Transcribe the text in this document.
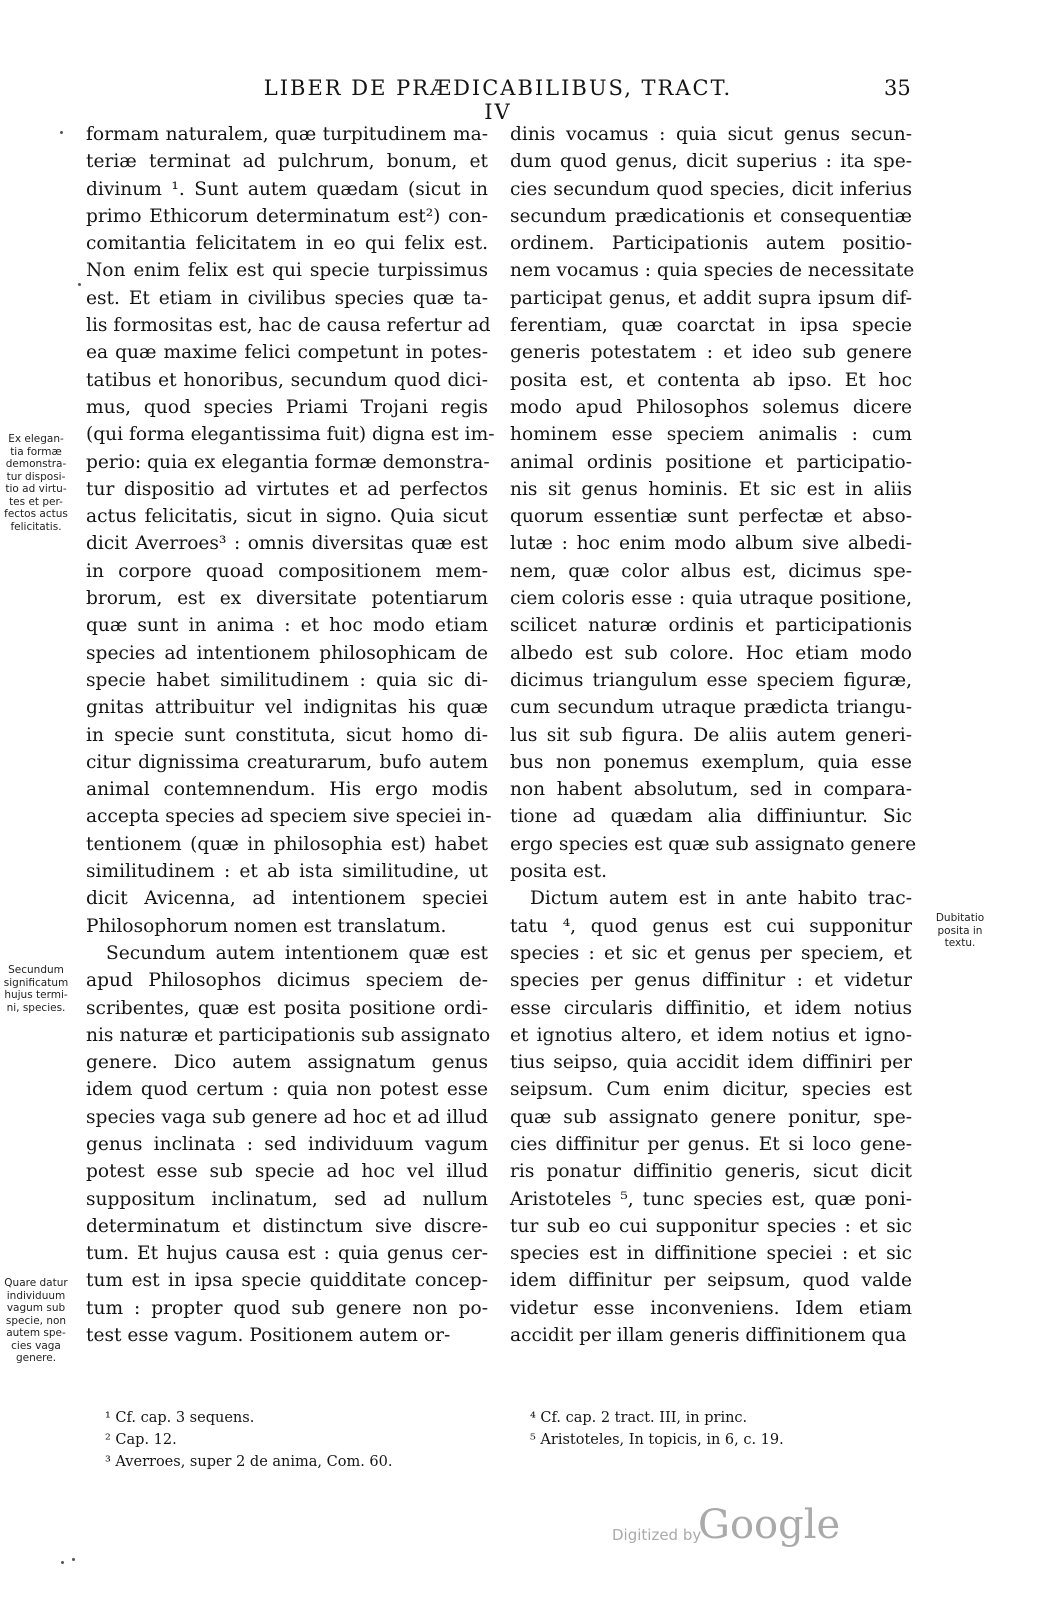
LIBER DE PRÆDICABILIBUS, TRACT. IV
35
formam naturalem, quæ turpitudinem ma-
teriæ terminat ad pulchrum, bonum, et
divinum ¹. Sunt autem quædam (sicut in
primo Ethicorum determinatum est²) con-
comitantia felicitatem in eo qui felix est.
Non enim felix est qui specie turpissimus
est. Et etiam in civilibus species quæ ta-
lis formositas est, hac de causa refertur ad
ea quæ maxime felici competunt in potes-
tatibus et honoribus, secundum quod dici-
mus, quod species Priami Trojani regis
(qui forma elegantissima fuit) digna est im-
perio: quia ex elegantia formæ demonstra-
tur dispositio ad virtutes et ad perfectos
actus felicitatis, sicut in signo. Quia sicut
dicit Averroes³ : omnis diversitas quæ est
in corpore quoad compositionem mem-
brorum, est ex diversitate potentiarum
quæ sunt in anima : et hoc modo etiam
species ad intentionem philosophicam de
specie habet similitudinem : quia sic di-
gnitas attribuitur vel indignitas his quæ
in specie sunt constituta, sicut homo di-
citur dignissima creaturarum, bufo autem
animal contemnendum. His ergo modis
accepta species ad speciem sive speciei in-
tentionem (quæ in philosophia est) habet
similitudinem : et ab ista similitudine, ut
dicit Avicenna, ad intentionem speciei
Philosophorum nomen est translatum.
Secundum autem intentionem quæ est
apud Philosophos dicimus speciem de-
scribentes, quæ est posita positione ordi-
nis naturæ et participationis sub assignato
genere. Dico autem assignatum genus
idem quod certum : quia non potest esse
species vaga sub genere ad hoc et ad illud
genus inclinata : sed individuum vagum
potest esse sub specie ad hoc vel illud
suppositum inclinatum, sed ad nullum
determinatum et distinctum sive discre-
tum. Et hujus causa est : quia genus cer-
tum est in ipsa specie quidditate concep-
tum : propter quod sub genere non po-
test esse vagum. Positionem autem or-
dinis vocamus : quia sicut genus secun-
dum quod genus, dicit superius : ita spe-
cies secundum quod species, dicit inferius
secundum prædicationis et consequentiæ
ordinem. Participationis autem positio-
nem vocamus : quia species de necessitate
participat genus, et addit supra ipsum dif-
ferentiam, quæ coarctat in ipsa specie
generis potestatem : et ideo sub genere
posita est, et contenta ab ipso. Et hoc
modo apud Philosophos solemus dicere
hominem esse speciem animalis : cum
animal ordinis positione et participatio-
nis sit genus hominis. Et sic est in aliis
quorum essentiæ sunt perfectæ et abso-
lutæ : hoc enim modo album sive albedi-
nem, quæ color albus est, dicimus spe-
ciem coloris esse : quia utraque positione,
scilicet naturæ ordinis et participationis
albedo est sub colore. Hoc etiam modo
dicimus triangulum esse speciem figuræ,
cum secundum utraque prædicta triangu-
lus sit sub figura. De aliis autem generi-
bus non ponemus exemplum, quia esse
non habent absolutum, sed in compara-
tione ad quædam alia diffiniuntur. Sic
ergo species est quæ sub assignato genere
posita est.
Dictum autem est in ante habito trac-
tatu ⁴, quod genus est cui supponitur
species : et sic et genus per speciem, et
species per genus diffinitur : et videtur
esse circularis diffinitio, et idem notius
et ignotius altero, et idem notius et igno-
tius seipso, quia accidit idem diffiniri per
seipsum. Cum enim dicitur, species est
quæ sub assignato genere ponitur, spe-
cies diffinitur per genus. Et si loco gene-
ris ponatur diffinitio generis, sicut dicit
Aristoteles ⁵, tunc species est, quæ poni-
tur sub eo cui supponitur species : et sic
species est in diffinitione speciei : et sic
idem diffinitur per seipsum, quod valde
videtur esse inconveniens. Idem etiam
accidit per illam generis diffinitionem qua
Ex elegan-
tia formæ
demonstra-
tur disposi-
tio ad virtu-
tes et per-
fectos actus
felicitatis.
Secundum
significatum
hujus termi-
ni, species.
Quare datur
individuum
vagum sub
specie, non
autem spe-
cies vaga
genere.
Dubitatio
posita in
textu.
¹ Cf. cap. 3 sequens.
² Cap. 12.
³ Averroes, super 2 de anima, Com. 60.
⁴ Cf. cap. 2 tract. III, in princ.
⁵ Aristoteles, In topicis, in 6, c. 19.
Digitized by
Google
